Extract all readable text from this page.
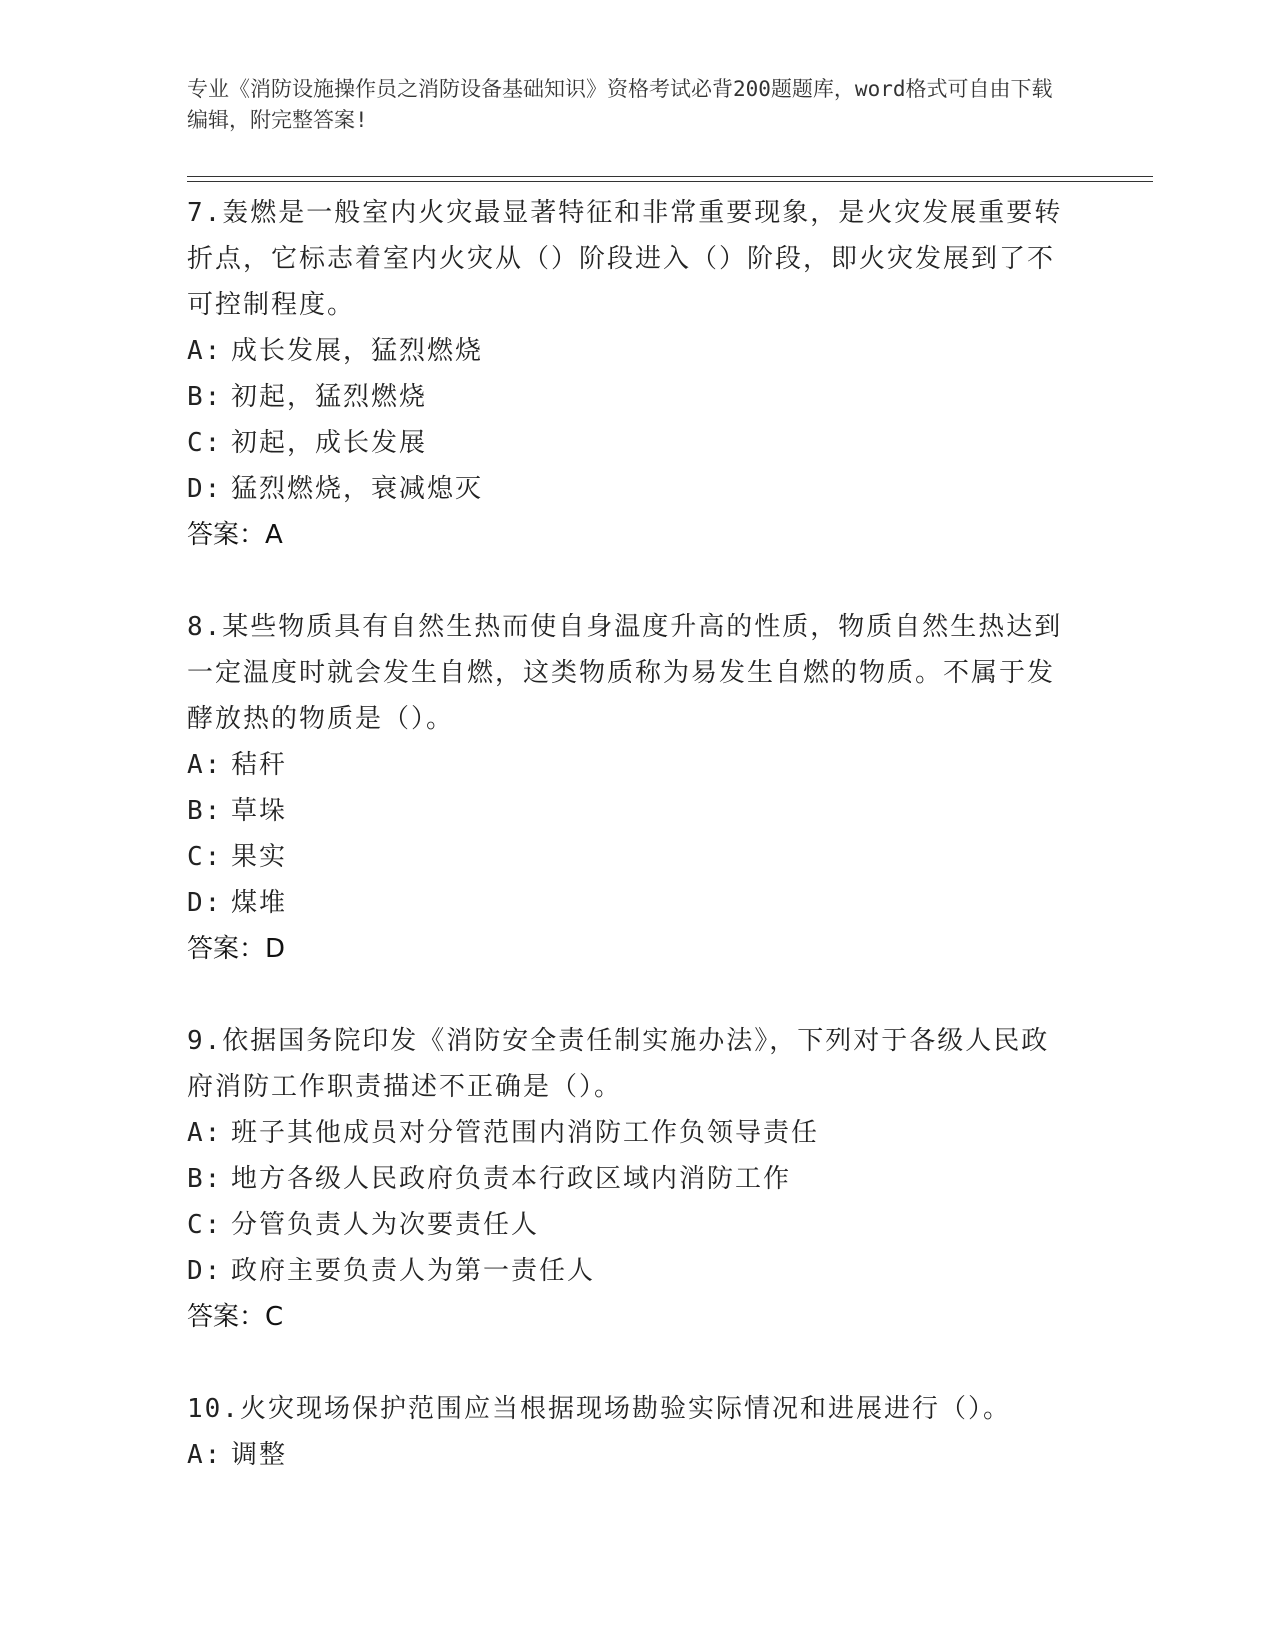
专业《消防设施操作员之消防设备基础知识》资格考试必背200题题库，word格式可自由下载编辑，附完整答案!
7.轰燃是一般室内火灾最显著特征和非常重要现象，是火灾发展重要转折点，它标志着室内火灾从（）阶段进入（）阶段，即火灾发展到了不可控制程度。
A: 成长发展，猛烈燃烧
B: 初起，猛烈燃烧
C: 初起，成长发展
D: 猛烈燃烧，衰减熄灭
答案：A
8.某些物质具有自然生热而使自身温度升高的性质，物质自然生热达到一定温度时就会发生自燃，这类物质称为易发生自燃的物质。不属于发酵放热的物质是（）。
A: 秸秆
B: 草垛
C: 果实
D: 煤堆
答案：D
9.依据国务院印发《消防安全责任制实施办法》，下列对于各级人民政府消防工作职责描述不正确是（）。
A: 班子其他成员对分管范围内消防工作负领导责任
B: 地方各级人民政府负责本行政区域内消防工作
C: 分管负责人为次要责任人
D: 政府主要负责人为第一责任人
答案：C
10.火灾现场保护范围应当根据现场勘验实际情况和进展进行（）。
A: 调整
